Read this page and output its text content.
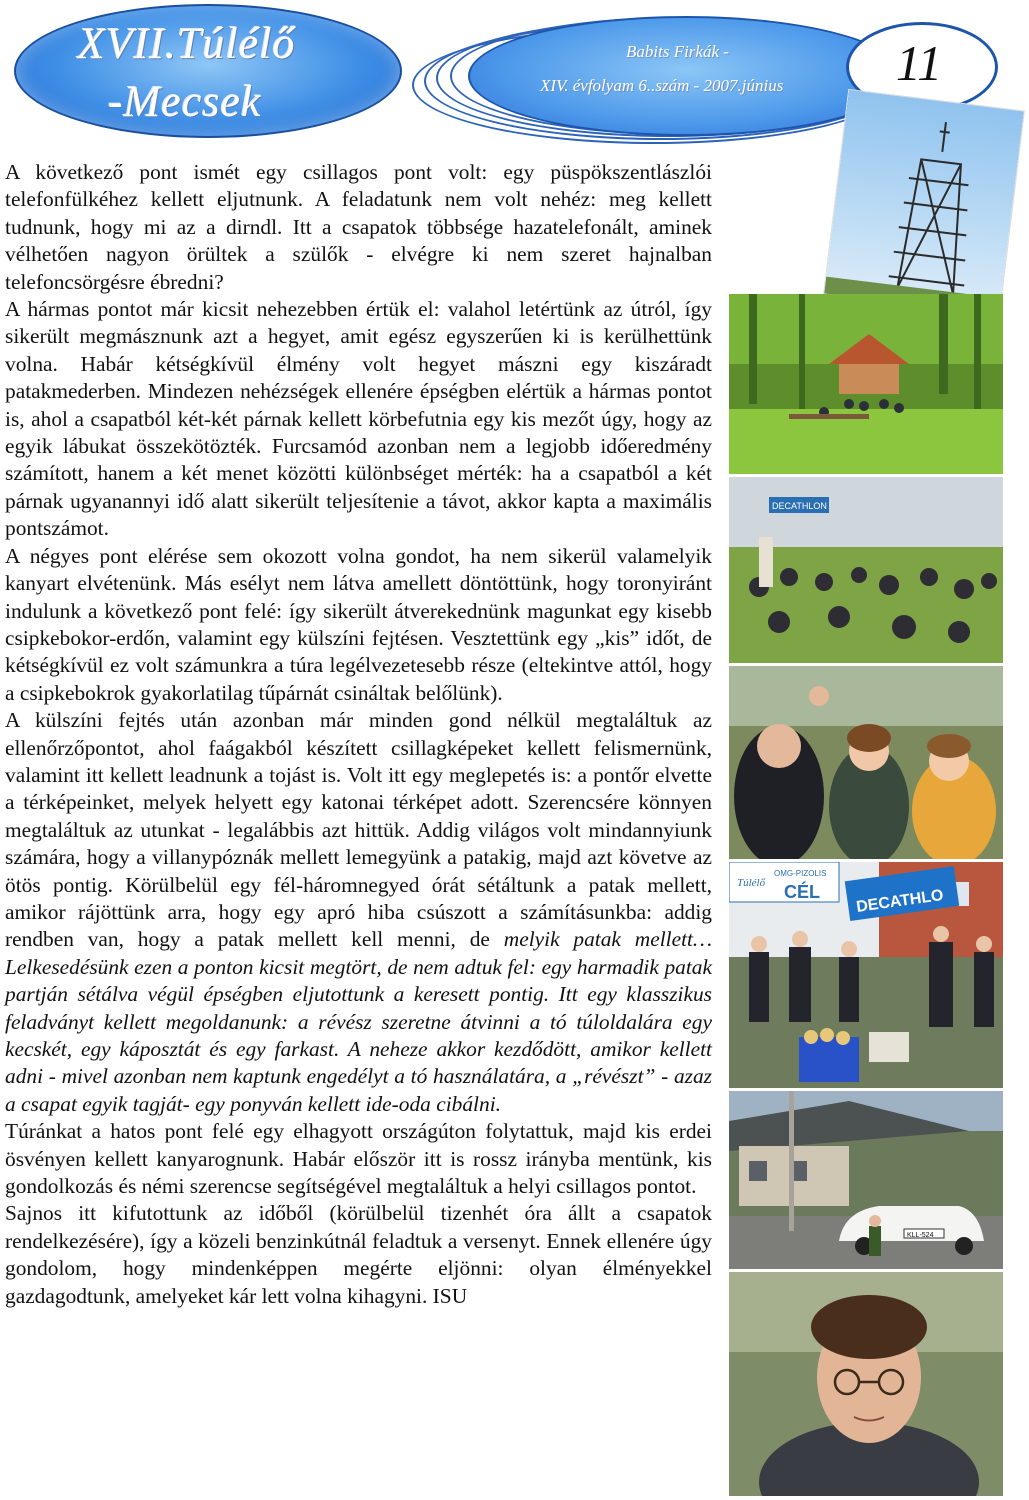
XVII.Túlélő
-Mecsek
Babits Firkák -
XIV. évfolyam 6..szám - 2007.június	11

A következő pont ismét egy csillagos pont volt: egy püspökszentlászlói telefonfülkéhez kellett eljutnunk. A feladatunk nem volt nehéz: meg kellett tudnunk, hogy mi az a dirndl. Itt a csapatok többsége hazatelefonált, aminek vélhetően nagyon örültek a szülők - elvégre ki nem szeret hajnalban telefoncsörgésre ébredni?

A hármas pontot már kicsit nehezebben értük el: valahol letértünk az útról, így sikerült megmásznunk azt a hegyet, amit egész egyszerűen ki is kerülhettünk volna. Habár kétségkívül élmény volt hegyet mászni egy kiszáradt patakmederben. Mindezen nehézségek ellenére épségben elértük a hármas pontot is, ahol a csapatból két-két párnak kellett körbefutnia egy kis mezőt úgy, hogy az egyik lábukat összekötözték. Furcsamód azonban nem a legjobb időeredmény számított, hanem a két menet közötti különbséget mérték: ha a csapatból a két párnak ugyanannyi idő alatt sikerült teljesítenie a távot, akkor kapta a maximális pontszámot.

A négyes pont elérése sem okozott volna gondot, ha nem sikerül valamelyik kanyart elvétenünk. Más esélyt nem látva amellett döntöttünk, hogy toronyiránt indulunk a következő pont felé: így sikerült átverekednünk magunkat egy kisebb csipkebokor-erdőn, valamint egy külszíni fejtésen. Vesztettünk egy „kis” időt, de kétségkívül ez volt számunkra a túra legélvezetesebb része (eltekintve attól, hogy a csipkebokrok gyakorlatilag tűpárnát csináltak belőlünk).

A külszíni fejtés után azonban már minden gond nélkül megtaláltuk az ellenőrzőpontot, ahol faágakból készített csillagképeket kellett felismernünk, valamint itt kellett leadnunk a tojást is. Volt itt egy meglepetés is: a pontőr elvette a térképeinket, melyek helyett egy katonai térképet adott. Szerencsére könnyen megtaláltuk az utunkat - legalábbis azt hittük. Addig világos volt mindannyiunk számára, hogy a villanypóznák mellett lemegyünk a patakig, majd azt követve az ötös pontig. Körülbelül egy fél-háromnegyed órát sétáltunk a patak mellett, amikor rájöttünk arra, hogy egy apró hiba csúszott a számításunkba: addig rendben van, hogy a patak mellett kell menni, de melyik patak mellett… Lelkesedésünk ezen a ponton kicsit megtört, de nem adtuk fel: egy harmadik patak partján sétálva végül épségben eljutottunk a keresett pontig. Itt egy klasszikus feladványt kellett megoldanunk: a révész szeretne átvinni a tó túloldalára egy kecskét, egy káposztát és egy farkast. A neheze akkor kezdődött, amikor kellett adni - mivel azonban nem kaptunk engedélyt a tó használatára, a „révészt” - azaz a csapat egyik tagját- egy ponyván kellett ide-oda cibálni.

Túránkat a hatos pont felé egy elhagyott országúton folytattuk, majd kis erdei ösvényen kellett kanyarognunk. Habár először itt is rossz irányba mentünk, kis gondolkozás és némi szerencse segítségével megtaláltuk a helyi csillagos pontot.

Sajnos itt kifutottunk az időből (körülbelül tizenhét óra állt a csapatok rendelkezésére), így a közeli benzinkútnál feladtuk a versenyt. Ennek ellenére úgy gondolom, hogy mindenképpen megérte eljönni: olyan élményekkel gazdagodtunk, amelyeket kár lett volna kihagyni. ISU

DECATHLON
Túlélő
OMG-PIZOLIS
CÉL DECATHLO
KLL-524
